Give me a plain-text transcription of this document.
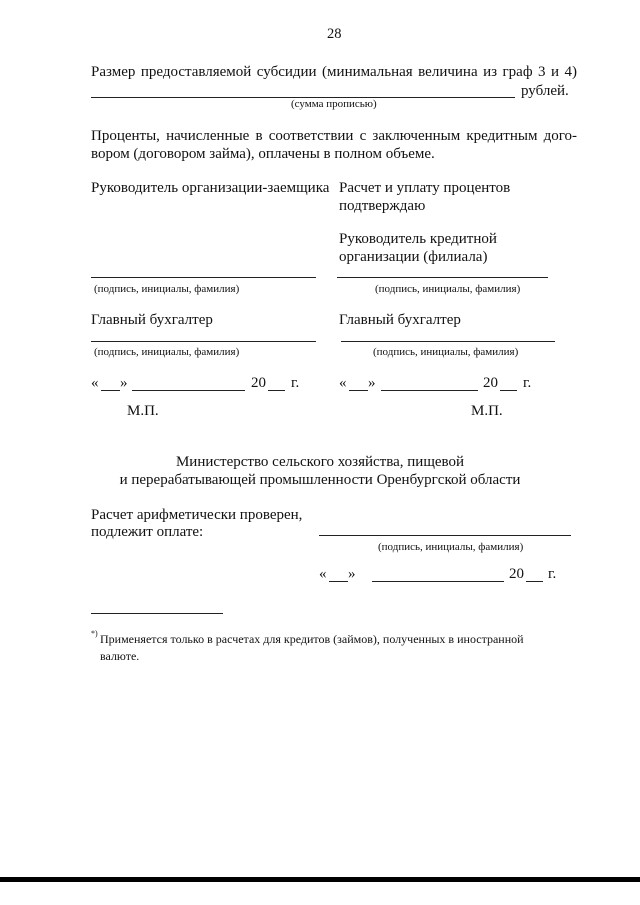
28
Размер предоставляемой субсидии (минимальная величина из граф 3 и 4)
рублей.
(сумма прописью)
Проценты, начисленные в соответствии с заключенным кредитным дого-
вором (договором займа), оплачены в полном объеме.
Руководитель организации-заемщика
(подпись, инициалы, фамилия)
Главный бухгалтер
(подпись, инициалы, фамилия)
« »	20 г.
М.П.
Расчет и уплату процентов
подтверждаю
Руководитель кредитной
организации (филиала)
(подпись, инициалы, фамилия)
Главный бухгалтер
(подпись, инициалы, фамилия)
« »	20 г.
М.П.
Министерство сельского хозяйства, пищевой
и перерабатывающей промышленности Оренбургской области
Расчет арифметически проверен,
подлежит оплате:
(подпись, инициалы, фамилия)
« »	20 г.
*) Применяется только в расчетах для кредитов (займов), полученных в иностранной
валюте.
